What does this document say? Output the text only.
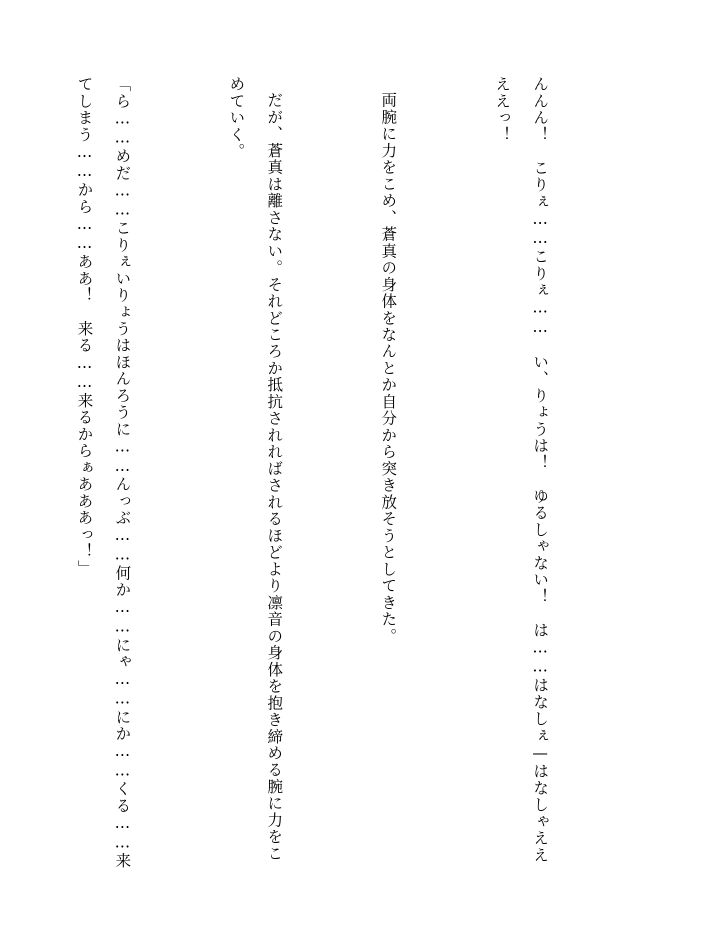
んんん！　こりぇ……こりぇ……　い、りょうは！　ゆるしゃない！　は……はなしぇ—はなしゃええええっ！

両腕に力をこめ、蒼真の身体をなんとか自分から突き放そうとしてきた。

だが、蒼真は離さない。それどころか抵抗されればされるほどより凛音の身体を抱き締める腕に力をこめていく。

「ら……めだ……こりぇいりょうはほんろうに……んっぶ……何か……にゃ……にか……くる……来てしまう……から……ああ！　来る……来るからぁあああっ！」
